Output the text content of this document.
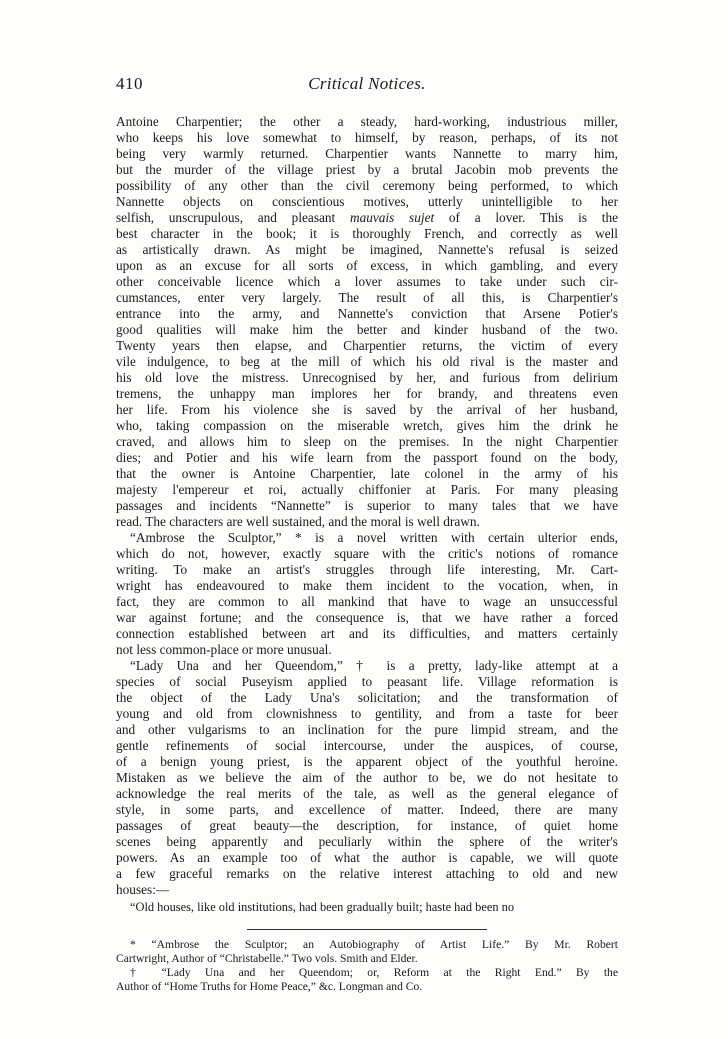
410	Critical Notices.
Antoine Charpentier; the other a steady, hard-working, industrious miller,
who keeps his love somewhat to himself, by reason, perhaps, of its not
being very warmly returned. Charpentier wants Nannette to marry him,
but the murder of the village priest by a brutal Jacobin mob prevents the
possibility of any other than the civil ceremony being performed, to which
Nannette objects on conscientious motives, utterly unintelligible to her
selfish, unscrupulous, and pleasant mauvais sujet of a lover. This is the
best character in the book; it is thoroughly French, and correctly as well
as artistically drawn. As might be imagined, Nannette's refusal is seized
upon as an excuse for all sorts of excess, in which gambling, and every
other conceivable licence which a lover assumes to take under such cir-
cumstances, enter very largely. The result of all this, is Charpentier's
entrance into the army, and Nannette's conviction that Arsene Potier's
good qualities will make him the better and kinder husband of the two.
Twenty years then elapse, and Charpentier returns, the victim of every
vile indulgence, to beg at the mill of which his old rival is the master and
his old love the mistress. Unrecognised by her, and furious from delirium
tremens, the unhappy man implores her for brandy, and threatens even
her life. From his violence she is saved by the arrival of her husband,
who, taking compassion on the miserable wretch, gives him the drink he
craved, and allows him to sleep on the premises. In the night Charpentier
dies; and Potier and his wife learn from the passport found on the body,
that the owner is Antoine Charpentier, late colonel in the army of his
majesty l'empereur et roi, actually chiffonier at Paris. For many pleasing
passages and incidents “Nannette” is superior to many tales that we have
read. The characters are well sustained, and the moral is well drawn.
“Ambrose the Sculptor,” * is a novel written with certain ulterior ends,
which do not, however, exactly square with the critic's notions of romance
writing. To make an artist's struggles through life interesting, Mr. Cart-
wright has endeavoured to make them incident to the vocation, when, in
fact, they are common to all mankind that have to wage an unsuccessful
war against fortune; and the consequence is, that we have rather a forced
connection established between art and its difficulties, and matters certainly
not less common-place or more unusual.
“Lady Una and her Queendom,” † is a pretty, lady-like attempt at a
species of social Puseyism applied to peasant life. Village reformation is
the object of the Lady Una's solicitation; and the transformation of
young and old from clownishness to gentility, and from a taste for beer
and other vulgarisms to an inclination for the pure limpid stream, and the
gentle refinements of social intercourse, under the auspices, of course,
of a benign young priest, is the apparent object of the youthful heroine.
Mistaken as we believe the aim of the author to be, we do not hesitate to
acknowledge the real merits of the tale, as well as the general elegance of
style, in some parts, and excellence of matter. Indeed, there are many
passages of great beauty—the description, for instance, of quiet home
scenes being apparently and peculiarly within the sphere of the writer's
powers. As an example too of what the author is capable, we will quote
a few graceful remarks on the relative interest attaching to old and new
houses:—
“Old houses, like old institutions, had been gradually built; haste had been no
* “Ambrose the Sculptor; an Autobiography of Artist Life.” By Mr. Robert
Cartwright, Author of “Christabelle.” Two vols. Smith and Elder.
† “Lady Una and her Queendom; or, Reform at the Right End.” By the
Author of “Home Truths for Home Peace,” &c. Longman and Co.
